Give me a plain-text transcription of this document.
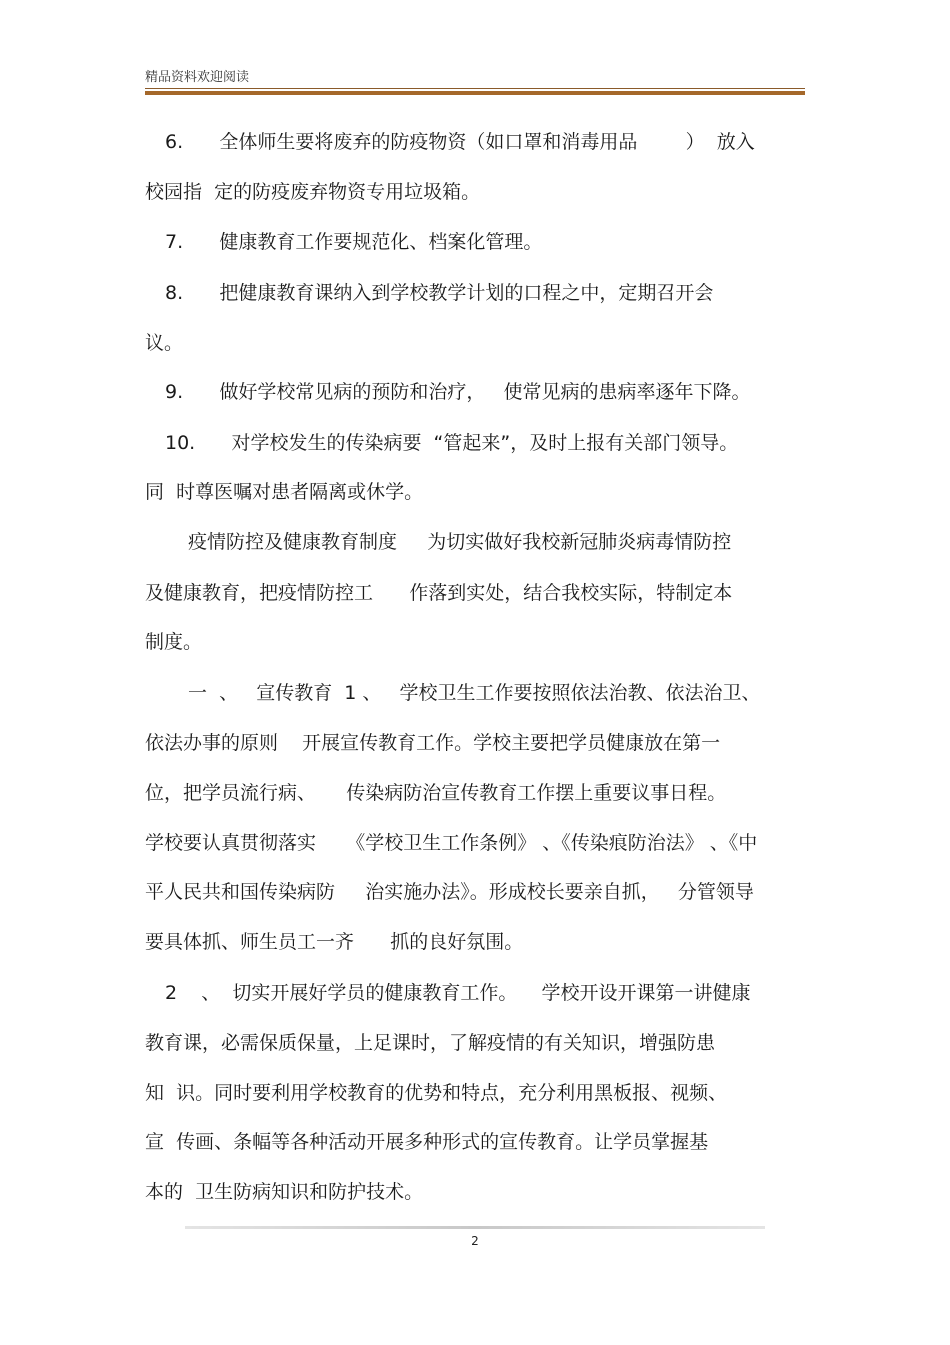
精品资料欢迎阅读
6.      全体师生要将废弃的防疫物资（如口罩和消毒用品        ）  放入
校园指  定的防疫废弃物资专用垃圾箱。
7.      健康教育工作要规范化、档案化管理。
8.      把健康教育课纳入到学校教学计划的口程之中，定期召开会
议。
9.      做好学校常见病的预防和治疗，   使常见病的患病率逐年下降。
10.      对学校发生的传染病要  “管起来”，及时上报有关部门领导。
同  时尊医嘱对患者隔离或休学。
疫情防控及健康教育制度     为切实做好我校新冠肺炎病毒情防控
及健康教育，把疫情防控工      作落到实处，结合我校实际，特制定本
制度。
一  、   宣传教育  1 、   学校卫生工作要按照依法治教、依法治卫、
依法办事的原则    开展宣传教育工作。学校主要把学员健康放在第一
位，把学员流行病、     传染病防治宣传教育工作摆上重要议事日程。
学校要认真贯彻落实     《学校卫生工作条例》 、《传染痕防治法》 、《中
平人民共和国传染病防     治实施办法》。形成校长要亲自抓，   分管领导
要具体抓、师生员工一齐      抓的良好氛围。
2    、  切实开展好学员的健康教育工作。    学校开设开课第一讲健康
教育课，必需保质保量，上足课时，了解疫情的有关知识，增强防患
知  识。同时要利用学校教育的优势和特点，充分利用黑板报、视频、
宣  传画、条幅等各种活动开展多种形式的宣传教育。让学员掌握基
本的  卫生防病知识和防护技术。
2
